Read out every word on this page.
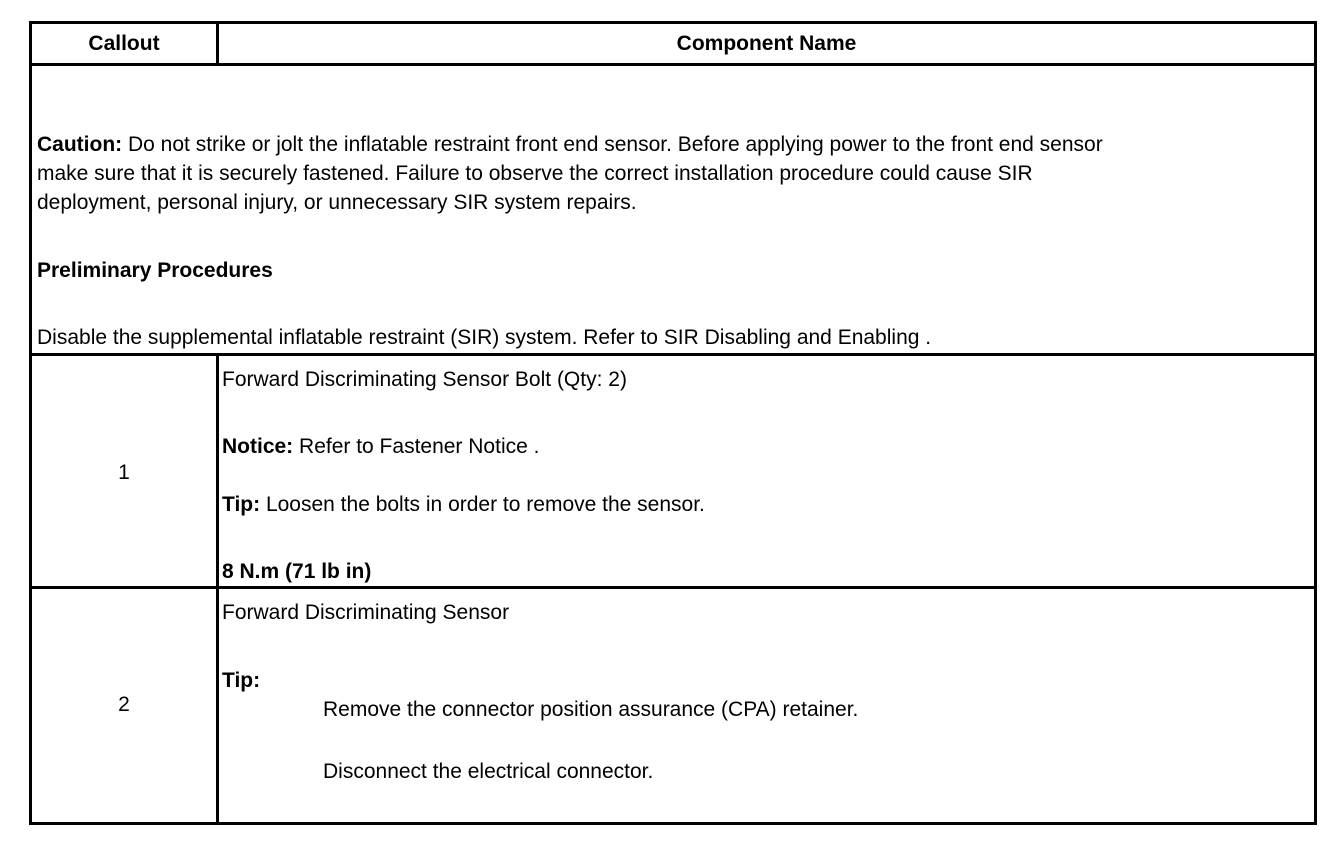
Callout	Component Name
Caution: Do not strike or jolt the inflatable restraint front end sensor. Before applying power to the front end sensor
make sure that it is securely fastened. Failure to observe the correct installation procedure could cause SIR
deployment, personal injury, or unnecessary SIR system repairs.
Preliminary Procedures
Disable the supplemental inflatable restraint (SIR) system. Refer to SIR Disabling and Enabling .
1
Forward Discriminating Sensor Bolt (Qty: 2)
Notice: Refer to Fastener Notice .
Tip: Loosen the bolts in order to remove the sensor.
8 N.m (71 lb in)
2
Forward Discriminating Sensor
Tip:
Remove the connector position assurance (CPA) retainer.
Disconnect the electrical connector.
